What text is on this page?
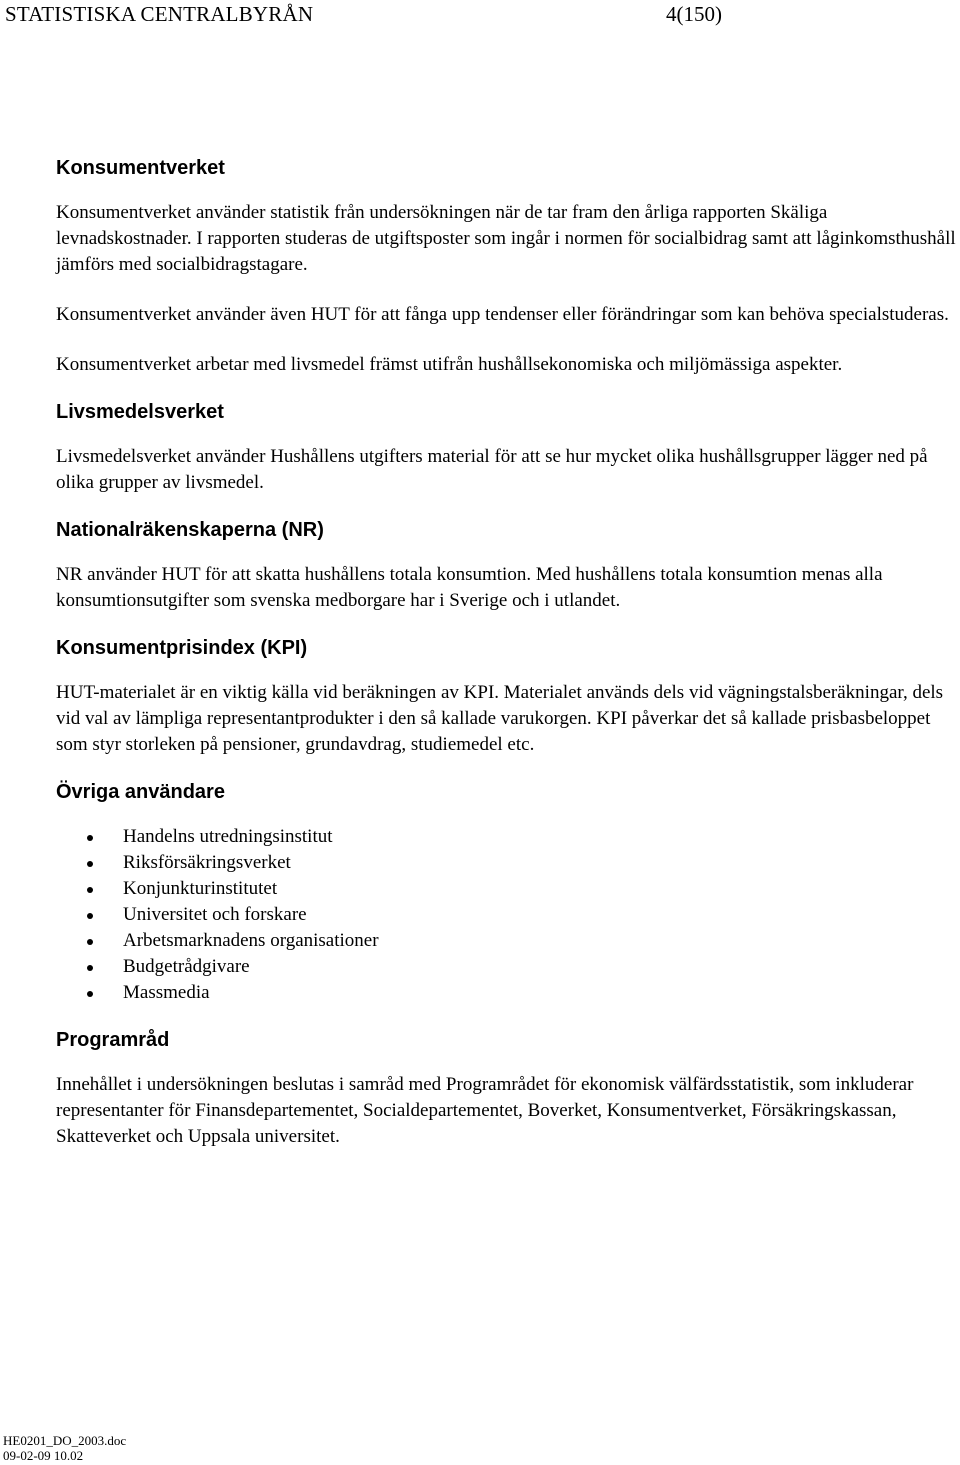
STATISTISKA CENTRALBYRÅN	4(150)
Konsumentverket

Konsumentverket använder statistik från undersökningen när de tar fram den årliga rapporten Skäliga levnadskostnader. I rapporten studeras de utgiftsposter som ingår i normen för socialbidrag samt att låginkomsthushåll jämförs med socialbidragstagare.

Konsumentverket använder även HUT för att fånga upp tendenser eller förändringar som kan behöva specialstuderas.

Konsumentverket arbetar med livsmedel främst utifrån hushållsekonomiska och miljömässiga aspekter.

Livsmedelsverket

Livsmedelsverket använder Hushållens utgifters material för att se hur mycket olika hushållsgrupper lägger ned på olika grupper av livsmedel.

Nationalräkenskaperna (NR)

NR använder HUT för att skatta hushållens totala konsumtion. Med hushållens totala konsumtion menas alla konsumtionsutgifter som svenska medborgare har i Sverige och i utlandet.

Konsumentprisindex (KPI)

HUT-materialet är en viktig källa vid beräkningen av KPI. Materialet används dels vid vägningstalsberäkningar, dels vid val av lämpliga representantprodukter i den så kallade varukorgen. KPI påverkar det så kallade prisbasbeloppet som styr storleken på pensioner, grundavdrag, studiemedel etc.

Övriga användare
Handelns utredningsinstitut
Riksförsäkringsverket
Konjunkturinstitutet
Universitet och forskare
Arbetsmarknadens organisationer
Budgetrådgivare
Massmedia
Programråd

Innehållet i undersökningen beslutas i samråd med Programrådet för ekonomisk välfärdsstatistik, som inkluderar representanter för Finansdepartementet, Socialdepartementet, Boverket, Konsumentverket, Försäkringskassan, Skatteverket och Uppsala universitet.

HE0201_DO_2003.doc
09-02-09 10.02
